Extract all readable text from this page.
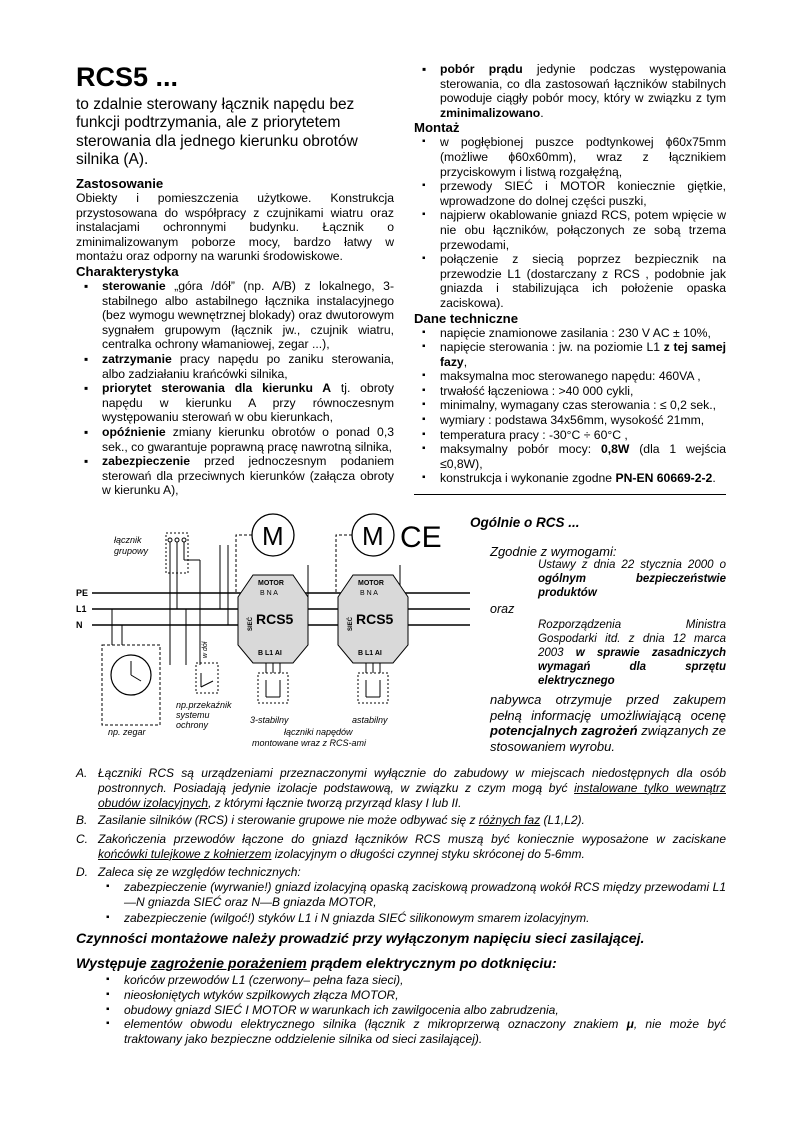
RCS5 ...
to zdalnie sterowany łącznik napędu bez funkcji podtrzymania, ale z priorytetem sterowania dla jednego kierunku obrotów silnika (A).

Zastosowanie

Obiekty i pomieszczenia użytkowe. Konstrukcja przystosowana do współpracy z czujnikami wiatru oraz instalacjami ochronnymi budynku. Łącznik o zminimalizowanym poborze mocy, bardzo łatwy w montażu oraz odporny na warunki środowiskowe.

Charakterystyka

▪ sterowanie „góra /dół” (np. A/B) z lokalnego, 3-stabilnego albo astabilnego łącznika instalacyjnego (bez wymogu wewnętrznej blokady) oraz dwutorowym sygnałem grupowym (łącznik jw., czujnik wiatru, centralka ochrony włamaniowej, zegar ...),
▪ zatrzymanie pracy napędu po zaniku sterowania, albo zadziałaniu krańcówki silnika,
▪ priorytet sterowania dla kierunku A tj. obroty napędu w kierunku A przy równoczesnym występowaniu sterowań w obu kierunkach,
▪ opóźnienie zmiany kierunku obrotów o ponad 0,3 sek., co gwarantuje poprawną pracę nawrotną silnika,
▪ zabezpieczenie przed jednoczesnym podaniem sterowań dla przeciwnych kierunków (załącza obroty w kierunku A),
▪ pobór prądu jedynie podczas występowania sterowania, co dla zastosowań łączników stabilnych powoduje ciągły pobór mocy, który w związku z tym zminimalizowano.

Montaż

▪ w pogłębionej puszce podtynkowej ϕ60x75mm (możliwe ϕ60x60mm), wraz z łącznikiem przyciskowym i listwą rozgałęźną,
▪ przewody SIEĆ i MOTOR koniecznie giętkie, wprowadzone do dolnej części puszki,
▪ najpierw okablowanie gniazd RCS, potem wpięcie w nie obu łączników, połączonych ze sobą trzema przewodami,
▪ połączenie z siecią poprzez bezpiecznik na przewodzie L1 (dostarczany z RCS , podobnie jak gniazda i stabilizująca ich położenie opaska zaciskowa).

Dane techniczne

▪ napięcie znamionowe zasilania : 230 V AC ± 10%,
▪ napięcie sterowania : jw. na poziomie L1 z tej samej fazy,
▪ maksymalna moc sterowanego napędu: 460VA ,
▪ trwałość łączeniowa : >40 000 cykli,
▪ minimalny, wymagany czas sterowania : ≤ 0,2 sek.,
▪ wymiary : podstawa 34x56mm, wysokość 21mm,
▪ temperatura pracy : -30°C ÷ 60°C ,
▪ maksymalny pobór mocy: 0,8W (dla 1 wejścia ≤0,8W),
▪ konstrukcja i wykonanie zgodne PN-EN 60669-2-2.
PE
L1
N
łącznik
grupowy
np. zegar
w dół
np.przekaźnik
systemu
ochrony
M	M CE
MOTOR
B N A
RCS5
SIEĆ
B L1 AI
MOTOR
B N A
RCS5
SIEĆ
B L1 AI
3-stabilny	astabilny
łączniki napędów
montowane wraz z RCS-ami
Ogólnie o RCS ...
Zgodnie z wymogami:
Ustawy z dnia 22 stycznia 2000 o ogólnym bezpieczeństwie produktów
oraz
Rozporządzenia Ministra Gospodarki itd. z dnia 12 marca 2003 w sprawie zasadniczych wymagań dla sprzętu elektrycznego
nabywca otrzymuje przed zakupem pełną informację umożliwiającą ocenę potencjalnych zagrożeń związanych ze stosowaniem wyrobu.
A. Łączniki RCS są urządzeniami przeznaczonymi wyłącznie do zabudowy w miejscach niedostępnych dla osób postronnych. Posiadają jedynie izolacje podstawową, w związku z czym mogą być instalowane tylko wewnątrz obudów izolacyjnych, z którymi łącznie tworzą przyrząd klasy I lub II.
B. Zasilanie silników (RCS) i sterowanie grupowe nie może odbywać się z różnych faz (L1,L2).
C. Zakończenia przewodów łączone do gniazd łączników RCS muszą być koniecznie wyposażone w zaciskane końcówki tulejkowe z kołnierzem izolacyjnym o długości czynnej styku skróconej do 5-6mm.
D. Zaleca się ze względów technicznych:
▪ zabezpieczenie (wyrwanie!) gniazd izolacyjną opaską zaciskową prowadzoną wokół RCS między przewodami L1—N gniazda SIEĆ oraz N—B gniazda MOTOR,
▪ zabezpieczenie (wilgoć!) styków L1 i N gniazda SIEĆ silikonowym smarem izolacyjnym.
Czynności montażowe należy prowadzić przy wyłączonym napięciu sieci zasilającej.
Występuje zagrożenie porażeniem prądem elektrycznym po dotknięciu:
▪ końców przewodów L1 (czerwony– pełna faza sieci),
▪ nieosłoniętych wtyków szpilkowych złącza MOTOR,
▪ obudowy gniazd SIEĆ I MOTOR w warunkach ich zawilgocenia albo zabrudzenia,
▪ elementów obwodu elektrycznego silnika (łącznik z mikroprzerwą oznaczony znakiem μ, nie może być traktowany jako bezpieczne oddzielenie silnika od sieci zasilającej).
